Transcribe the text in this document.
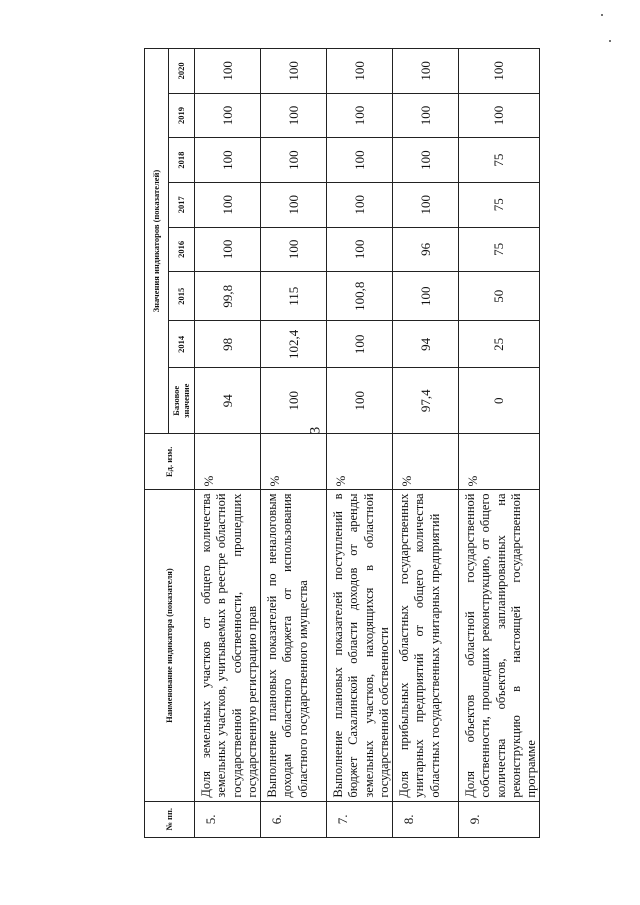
3
№ пп.	Наименование индикатора (показателя)	Ед. изм.	Значения индикаторов (показателей)							
			Базовое значение	2014	2015	2016	2017	2018	2019	2020
5.	Доля земельных участков от общего количества земельных участков, учитываемых в реестре областной государственной собственности, прошедших государственную регистрацию прав	%	94	98	99,8	100	100	100	100	100
6.	Выполнение плановых показателей по неналоговым доходам областного бюджета от использования областного государственного имущества	%	100	102,4	115	100	100	100	100	100
7.	Выполнение плановых показателей поступлений в бюджет Сахалинской области доходов от аренды земельных участков, находящихся в областной государственной собственности	%	100	100	100,8	100	100	100	100	100
8.	Доля прибыльных областных государственных унитарных предприятий от общего количества областных государственных унитарных предприятий	%	97,4	94	100	96	100	100	100	100
9.	Доля объектов областной государственной собственности, прошедших реконструкцию, от общего количества объектов, запланированных на реконструкцию в настоящей государственной программе	%	0	25	50	75	75	75	100	100
